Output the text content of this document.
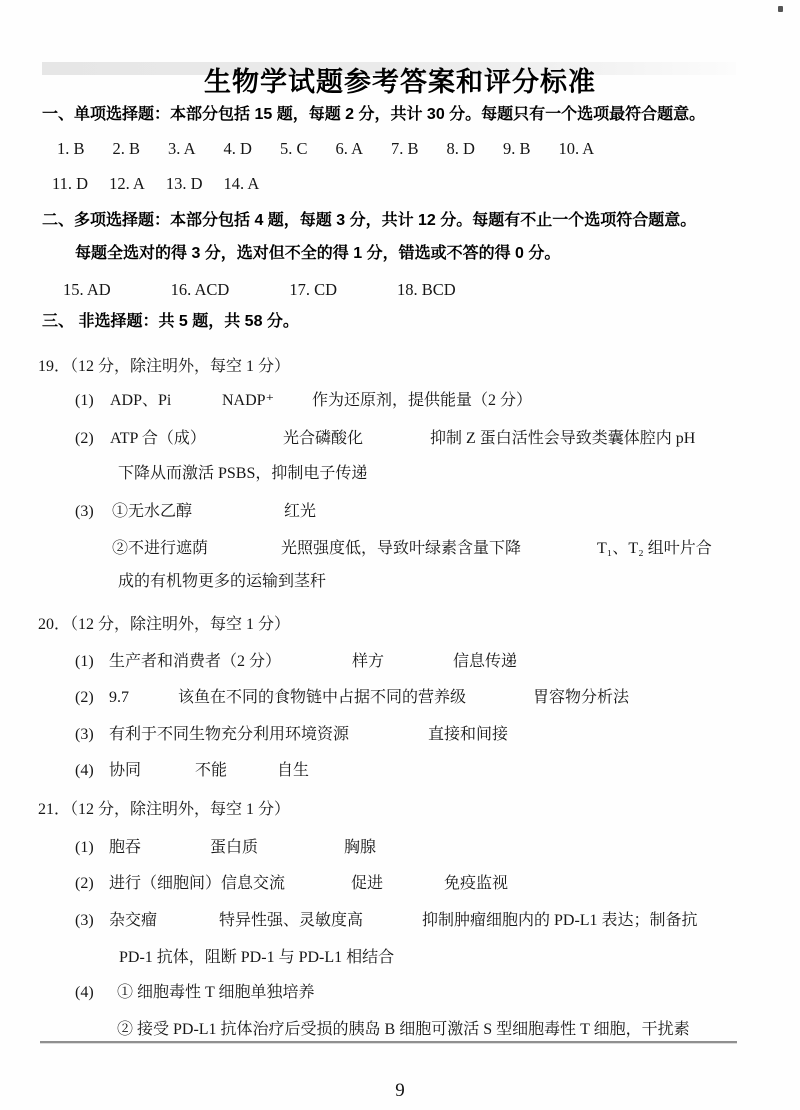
生物学试题参考答案和评分标准
一、单项选择题：本部分包括 15 题，每题 2 分，共计 30 分。每题只有一个选项最符合题意。
1. B 2. B 3. A 4. D 5. C 6. A 7. B 8. D 9. B 10. A
11. D 12. A 13. D 14. A
二、多项选择题：本部分包括 4 题，每题 3 分，共计 12 分。每题有不止一个选项符合题意。
每题全选对的得 3 分，选对但不全的得 1 分，错选或不答的得 0 分。
15. AD	16. ACD	17. CD	18. BCD
三、 非选择题：共 5 题，共 58 分。
19．（12 分，除注明外，每空 1 分）
(1) ADP、Pi	NADP⁺ 作为还原剂，提供能量（2 分）
(2) ATP 合（成）	光合磷酸化	抑制 Z 蛋白活性会导致类囊体腔内 pH
下降从而激活 PSBS，抑制电子传递
(3) ①无水乙醇	红光
②不进行遮荫	光照强度低，导致叶绿素含量下降	T₁、T₂ 组叶片合
成的有机物更多的运输到茎秆
20．（12 分，除注明外，每空 1 分）
(1) 生产者和消费者（2 分）	样方	信息传递
(2) 9.7	该鱼在不同的食物链中占据不同的营养级	胃容物分析法
(3) 有利于不同生物充分利用环境资源	直接和间接
(4) 协同	不能	自生
21．（12 分，除注明外，每空 1 分）
(1) 胞吞	蛋白质	胸腺
(2) 进行（细胞间）信息交流	促进	免疫监视
(3) 杂交瘤	特异性强、灵敏度高	抑制肿瘤细胞内的 PD-L1 表达；制备抗
PD-1 抗体，阻断 PD-1 与 PD-L1 相结合
(4) ① 细胞毒性 T 细胞单独培养
② 接受 PD-L1 抗体治疗后受损的胰岛 B 细胞可激活 S 型细胞毒性 T 细胞，干扰素
9
